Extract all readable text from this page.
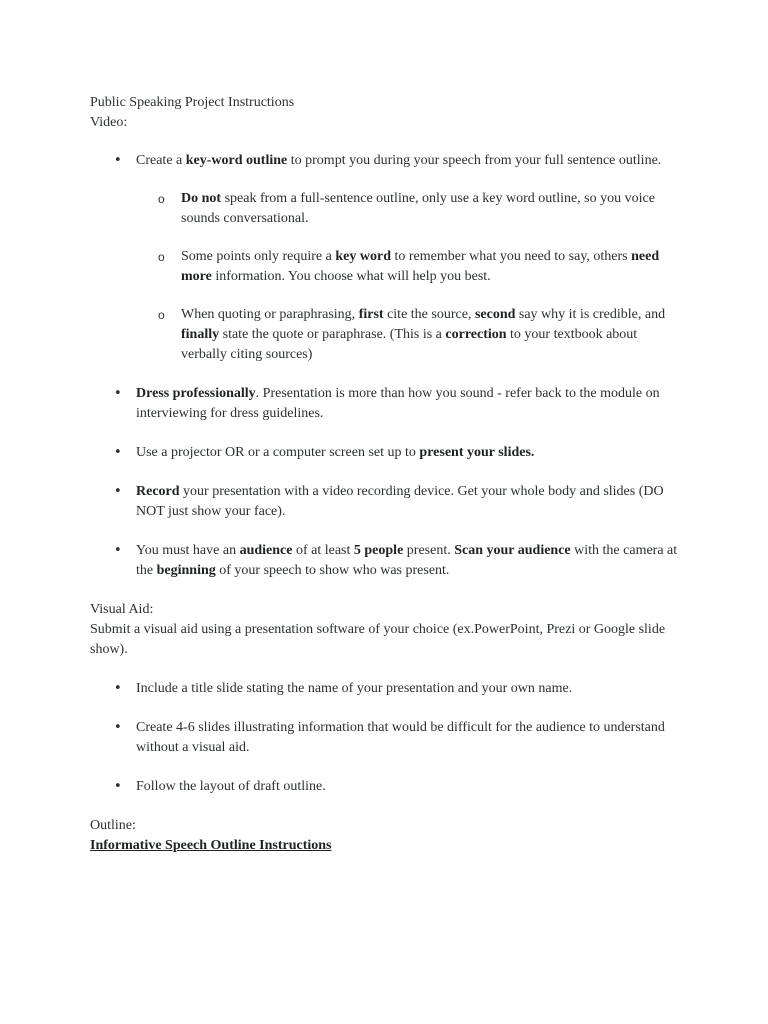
Public Speaking Project Instructions

Video:

• Create a key-word outline to prompt you during your speech from your full sentence outline.
o Do not speak from a full-sentence outline, only use a key word outline, so you voice sounds conversational.
o Some points only require a key word to remember what you need to say, others need more information. You choose what will help you best.
o When quoting or paraphrasing, first cite the source, second say why it is credible, and finally state the quote or paraphrase. (This is a correction to your textbook about verbally citing sources)
• Dress professionally. Presentation is more than how you sound - refer back to the module on interviewing for dress guidelines.
• Use a projector OR or a computer screen set up to present your slides.
• Record your presentation with a video recording device. Get your whole body and slides (DO NOT just show your face).
• You must have an audience of at least 5 people present. Scan your audience with the camera at the beginning of your speech to show who was present.

Visual Aid:

Submit a visual aid using a presentation software of your choice (ex.PowerPoint, Prezi or Google slide show).

• Include a title slide stating the name of your presentation and your own name.
• Create 4-6 slides illustrating information that would be difficult for the audience to understand without a visual aid.
• Follow the layout of draft outline.

Outline:

Informative Speech Outline Instructions
